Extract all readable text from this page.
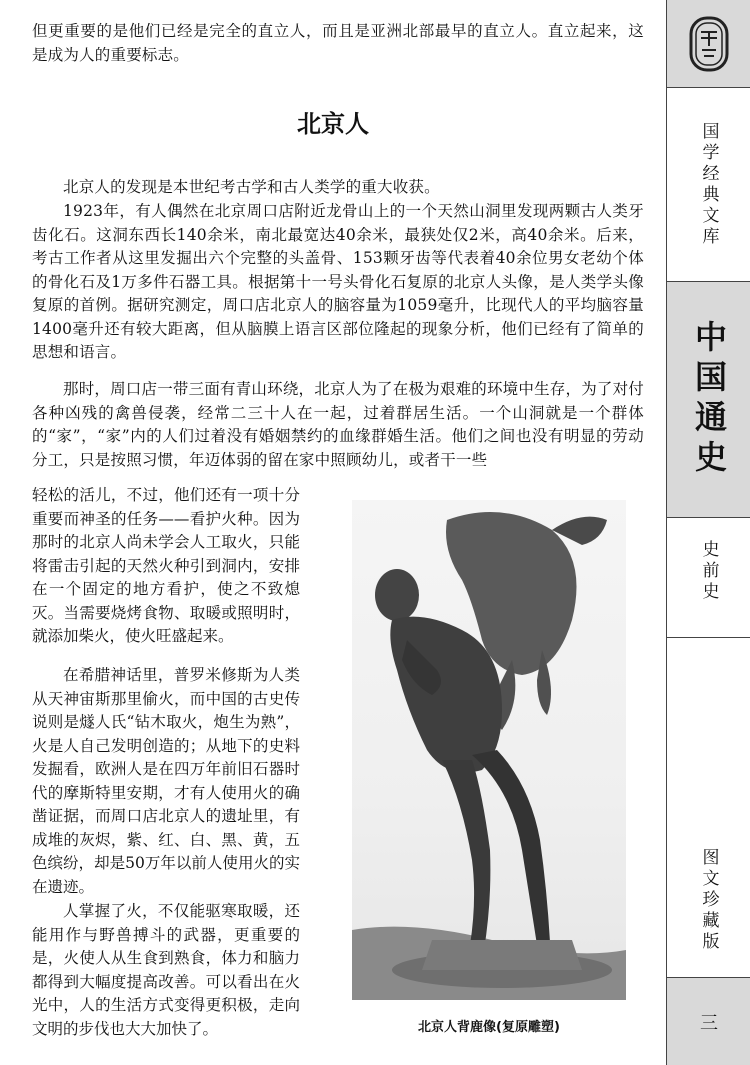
但更重要的是他们已经是完全的直立人，而且是亚洲北部最早的直立人。直立起来，这是成为人的重要标志。

北京人

北京人的发现是本世纪考古学和古人类学的重大收获。

1923年，有人偶然在北京周口店附近龙骨山上的一个天然山洞里发现两颗古人类牙齿化石。这洞东西长140余米，南北最宽达40余米，最狭处仅2米，高40余米。后来，考古工作者从这里发掘出六个完整的头盖骨、153颗牙齿等代表着40余位男女老幼个体的骨化石及1万多件石器工具。根据第十一号头骨化石复原的北京人头像，是人类学头像复原的首例。据研究测定，周口店北京人的脑容量为1059毫升，比现代人的平均脑容量1400毫升还有较大距离，但从脑膜上语言区部位隆起的现象分析，他们已经有了简单的思想和语言。

那时，周口店一带三面有青山环绕，北京人为了在极为艰难的环境中生存，为了对付各种凶残的禽兽侵袭，经常二三十人在一起，过着群居生活。一个山洞就是一个群体的“家”，“家”内的人们过着没有婚姻禁约的血缘群婚生活。他们之间也没有明显的劳动分工，只是按照习惯，年迈体弱的留在家中照顾幼儿，或者干一些

轻松的活儿，不过，他们还有一项十分重要而神圣的任务——看护火种。因为那时的北京人尚未学会人工取火，只能将雷击引起的天然火种引到洞内，安排在一个固定的地方看护，使之不致熄灭。当需要烧烤食物、取暖或照明时，就添加柴火，使火旺盛起来。

在希腊神话里，普罗米修斯为人类从天神宙斯那里偷火，而中国的古史传说则是燧人氏“钻木取火，炮生为熟”，火是人自己发明创造的；从地下的史料发掘看，欧洲人是在四万年前旧石器时代的摩斯特里安期，才有人使用火的确凿证据，而周口店北京人的遗址里，有成堆的灰烬，紫、红、白、黑、黄，五色缤纷，却是50万年以前人使用火的实在遗迹。

人掌握了火，不仅能驱寒取暖，还能用作与野兽搏斗的武器，更重要的是，火使人从生食到熟食，体力和脑力都得到大幅度提高改善。可以看出在火光中，人的生活方式变得更积极，走向文明的步伐也大大加快了。	北京人背鹿像(复原雕塑)
国学经典文库
中国通史
史前史
图文珍藏版
三
